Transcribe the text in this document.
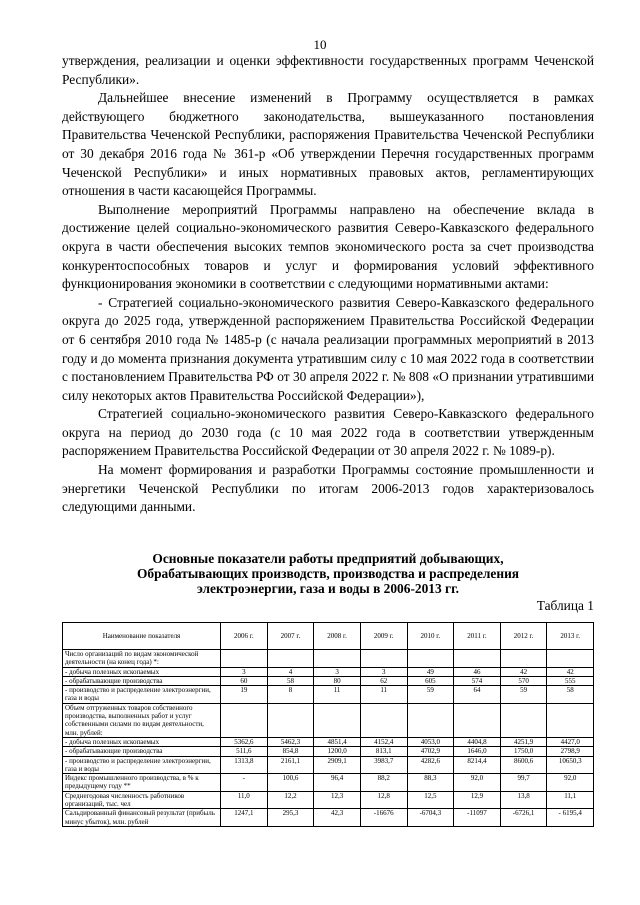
10

утверждения, реализации и оценки эффективности государственных программ Чеченской Республики».

Дальнейшее внесение изменений в Программу осуществляется в рамках действующего бюджетного законодательства, вышеуказанного постановления Правительства Чеченской Республики, распоряжения Правительства Чеченской Республики от 30 декабря 2016 года № 361-р «Об утверждении Перечня государственных программ Чеченской Республики» и иных нормативных правовых актов, регламентирующих отношения в части касающейся Программы.

Выполнение мероприятий Программы направлено на обеспечение вклада в достижение целей социально-экономического развития Северо-Кавказского федерального округа в части обеспечения высоких темпов экономического роста за счет производства конкурентоспособных товаров и услуг и формирования условий эффективного функционирования экономики в соответствии с следующими нормативными актами:

- Стратегией социально-экономического развития Северо-Кавказского федерального округа до 2025 года, утвержденной распоряжением Правительства Российской Федерации от 6 сентября 2010 года № 1485-р (с начала реализации программных мероприятий в 2013 году и до момента признания документа утратившим силу с 10 мая 2022 года в соответствии с постановлением Правительства РФ от 30 апреля 2022 г. № 808 «О признании утратившими силу некоторых актов Правительства Российской Федерации»),

Стратегией социально-экономического развития Северо-Кавказского федерального округа на период до 2030 года (с 10 мая 2022 года в соответствии утвержденным распоряжением Правительства Российской Федерации от 30 апреля 2022 г. № 1089-р).

На момент формирования и разработки Программы состояние промышленности и энергетики Чеченской Республики по итогам 2006-2013 годов характеризовалось следующими данными.

Основные показатели работы предприятий добывающих,
Обрабатывающих производств, производства и распределения
электроэнергии, газа и воды в 2006-2013 гг.
Таблица 1
Наименование показателя	2006 г.	2007 г.	2008 г.	2009 г.	2010 г.	2011 г.	2012 г.	2013 г.
Число организаций по видам экономической деятельности (на конец года) *:								
- добыча полезных ископаемых	3	4	3	3	49	46	42	42
- обрабатывающие производства	60	58	80	62	605	574	570	555
- производство и распределение электроэнергии, газа и воды	19	8	11	11	59	64	59	58
Объем отгруженных товаров собственного производства, выполненных работ и услуг собственными силами по видам деятельности, млн. рублей:								
- добыча полезных ископаемых	5362,6	5462,3	4851,4	4152,4	4053,0	4404,8	4251,9	4427,0
- обрабатывающие производства	511,6	854,8	1200,0	813,1	4702,9	1646,0	1750,0	2798,9
- производство и распределение электроэнергии, газа и воды	1313,8	2161,1	2909,1	3983,7	4282,6	8214,4	8600,6	10650,3
Индекс промышленного производства, в % к предыдущему году **	-	100,6	96,4	88,2	88,3	92,0	99,7	92,0
Среднегодовая численность работников организаций, тыс. чел	11,0	12,2	12,3	12,8	12,5	12,9	13,8	11,1
Сальдированный финансовый результат (прибыль минус убыток), млн. рублей	1247,1	295,3	42,3	-16676	-6704,3	-11097	-6726,1	- 6195,4
